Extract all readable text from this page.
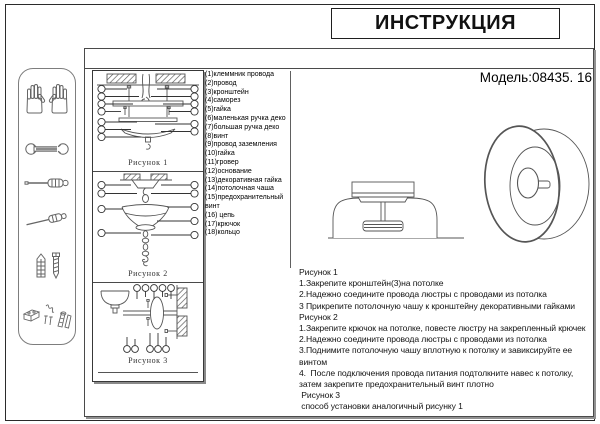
ИНСТРУКЦИЯ
Модель:08435. 16
Рисунок 1
Рисунок 2
Рисунок 3
(1)клеммник провода
(2)провод
(3)кронштейн
(4)саморез
(5)гайка
(6)маленькая ручка деко
(7)большая ручка деко
(8)винт
(9)провод заземления
(10)гайка
(11)гровер
(12)основание
(13)декоративная гайка
(14)потолочная чаша
(15)предохранительный винт
(16) цепь
(17)крючок
(18)кольцо
Рисунок 1
1.Закрепите кронштейн(3)на потолке
2.Надежно соедините провода люстры с проводами из потолка
3 Прикрепите потолочную чашу к кронштейну декоративными гайками
Рисунок 2
1.Закрепите крючок на потолке, повесте люстру на закрепленный крючек
2.Надежно соедините провода люстры с проводами из потолка
3.Поднимите потолочную чашу вплотную к потолку и завиксируйте ее винтом
4.  После подключения провода питания подтолкните навес к потолку, затем закрепите предохранительный винт плотно
Рисунок 3
способ установки аналогичный рисунку 1
